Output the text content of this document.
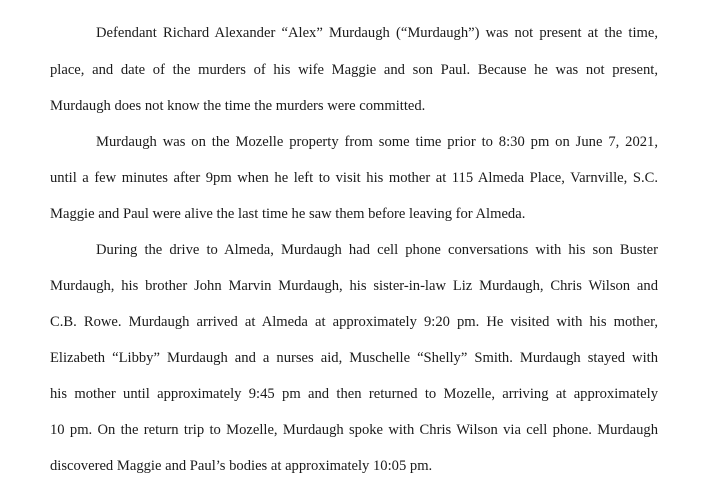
Defendant Richard Alexander “Alex” Murdaugh (“Murdaugh”) was not present at the time,
place, and date of the murders of his wife Maggie and son Paul. Because he was not present,
Murdaugh does not know the time the murders were committed.
Murdaugh was on the Mozelle property from some time prior to 8:30 pm on June 7, 2021,
until a few minutes after 9pm when he left to visit his mother at 115 Almeda Place, Varnville, S.C.
Maggie and Paul were alive the last time he saw them before leaving for Almeda.
During the drive to Almeda, Murdaugh had cell phone conversations with his son Buster
Murdaugh, his brother John Marvin Murdaugh, his sister-in-law Liz Murdaugh, Chris Wilson and
C.B. Rowe. Murdaugh arrived at Almeda at approximately 9:20 pm. He visited with his mother,
Elizabeth “Libby” Murdaugh and a nurses aid, Muschelle “Shelly” Smith. Murdaugh stayed with
his mother until approximately 9:45 pm and then returned to Mozelle, arriving at approximately
10 pm. On the return trip to Mozelle, Murdaugh spoke with Chris Wilson via cell phone. Murdaugh
discovered Maggie and Paul’s bodies at approximately 10:05 pm.
